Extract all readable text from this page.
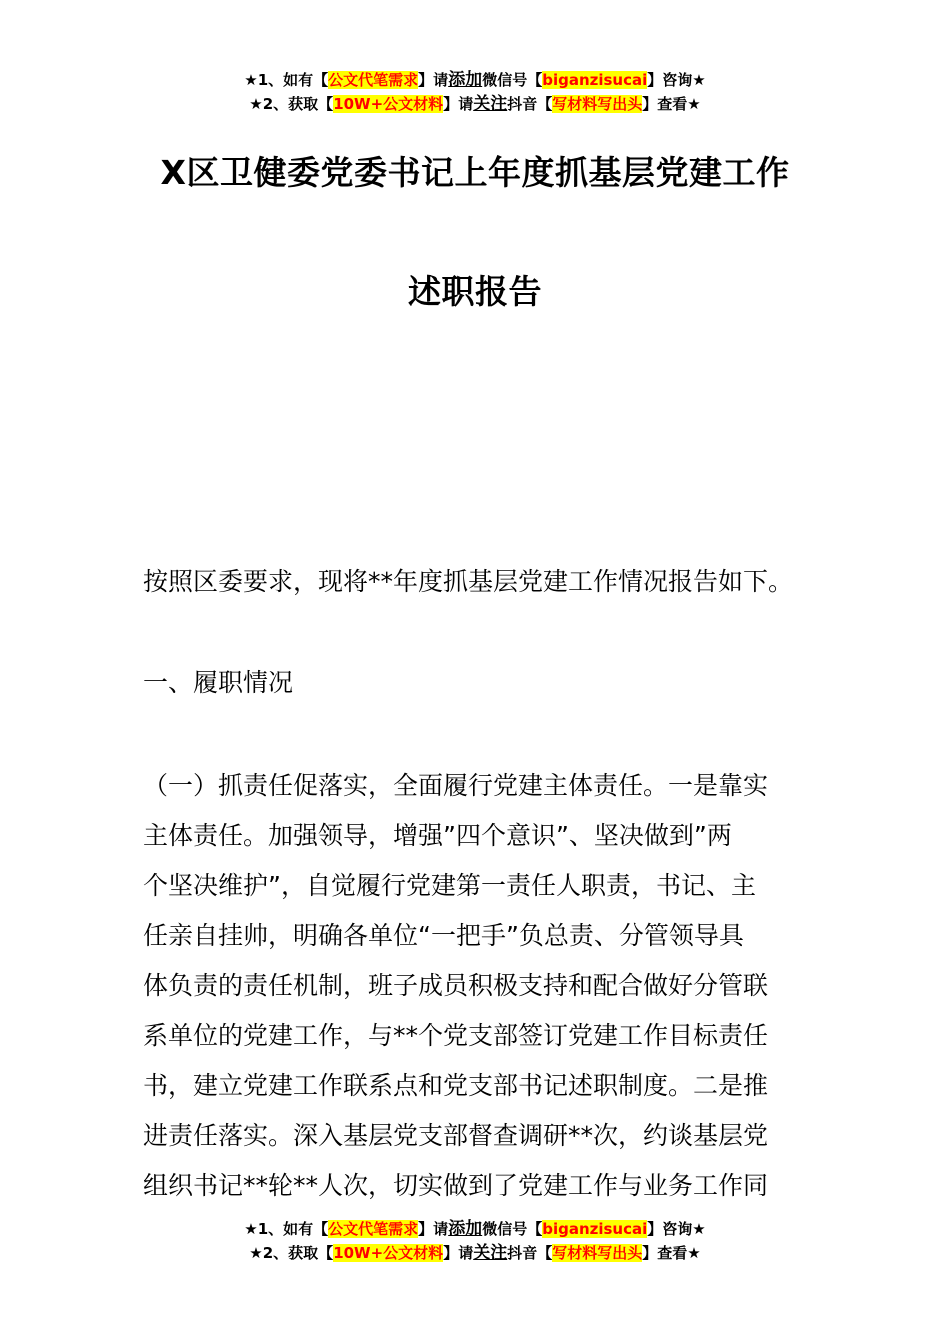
★1、如有【公文代笔需求】请添加微信号【biganzisucai】咨询★
★2、获取【10W+公文材料】请关注抖音【写材料写出头】查看★
X区卫健委党委书记上年度抓基层党建工作
述职报告
按照区委要求，现将**年度抓基层党建工作情况报告如下。
一、履职情况
（一）抓责任促落实，全面履行党建主体责任。一是靠实
主体责任。加强领导，增强”四个意识”、坚决做到”两
个坚决维护”，自觉履行党建第一责任人职责，书记、主
任亲自挂帅，明确各单位“一把手”负总责、分管领导具
体负责的责任机制，班子成员积极支持和配合做好分管联
系单位的党建工作，与**个党支部签订党建工作目标责任
书，建立党建工作联系点和党支部书记述职制度。二是推
进责任落实。深入基层党支部督查调研**次，约谈基层党
组织书记**轮**人次，切实做到了党建工作与业务工作同
★1、如有【公文代笔需求】请添加微信号【biganzisucai】咨询★
★2、获取【10W+公文材料】请关注抖音【写材料写出头】查看★
